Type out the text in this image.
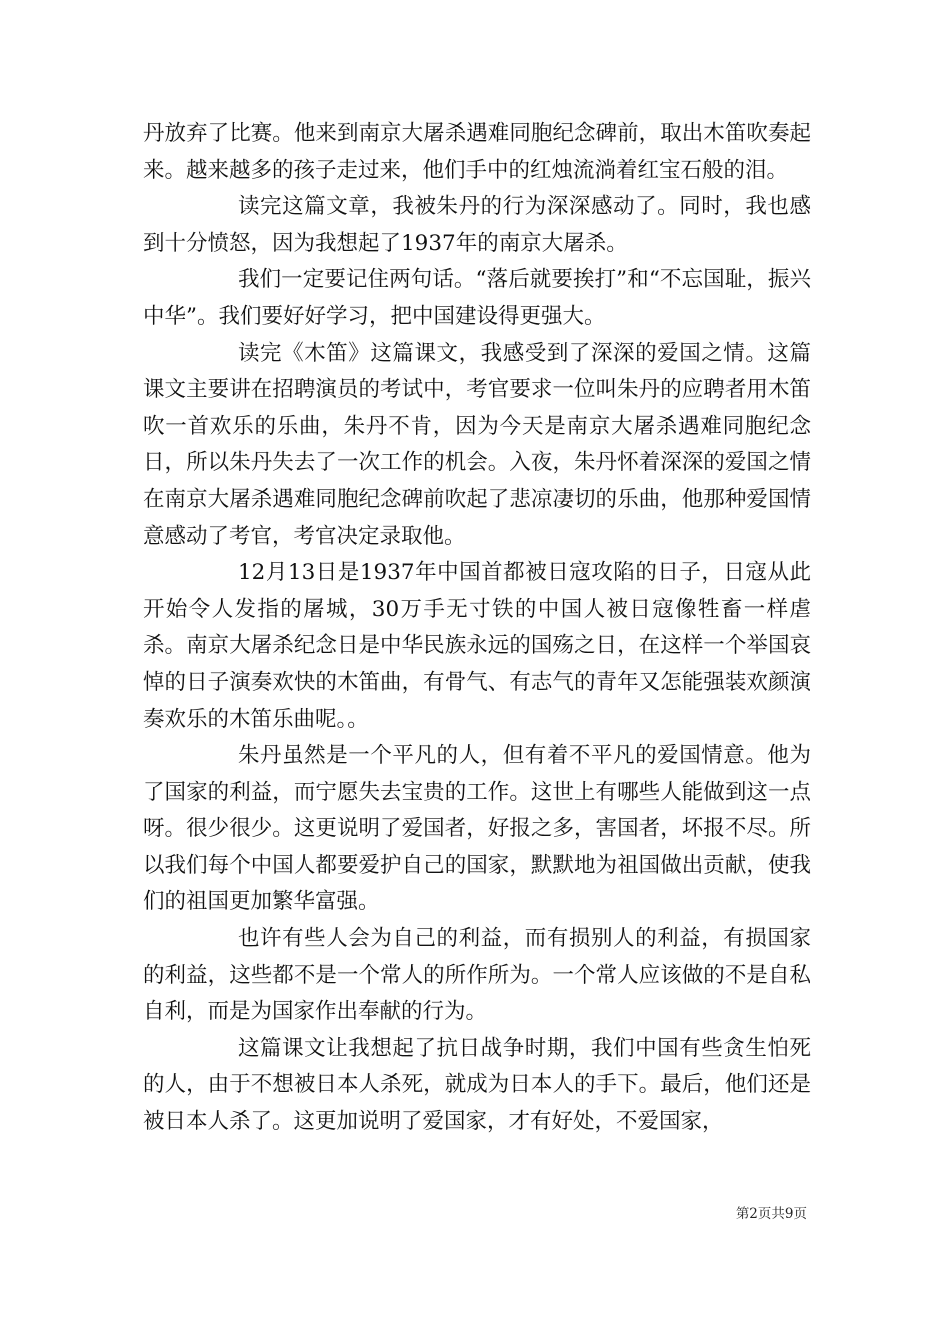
丹放弃了比赛。他来到南京大屠杀遇难同胞纪念碑前，取出木笛吹奏起来。越来越多的孩子走过来，他们手中的红烛流淌着红宝石般的泪。

读完这篇文章，我被朱丹的行为深深感动了。同时，我也感到十分愤怒，因为我想起了1937年的南京大屠杀。

我们一定要记住两句话。“落后就要挨打”和“不忘国耻，振兴中华”。我们要好好学习，把中国建设得更强大。

读完《木笛》这篇课文，我感受到了深深的爱国之情。这篇课文主要讲在招聘演员的考试中，考官要求一位叫朱丹的应聘者用木笛吹一首欢乐的乐曲，朱丹不肯，因为今天是南京大屠杀遇难同胞纪念日，所以朱丹失去了一次工作的机会。入夜，朱丹怀着深深的爱国之情在南京大屠杀遇难同胞纪念碑前吹起了悲凉凄切的乐曲，他那种爱国情意感动了考官，考官决定录取他。

12月13日是1937年中国首都被日寇攻陷的日子，日寇从此开始令人发指的屠城，30万手无寸铁的中国人被日寇像牲畜一样虐杀。南京大屠杀纪念日是中华民族永远的国殇之日，在这样一个举国哀悼的日子演奏欢快的木笛曲，有骨气、有志气的青年又怎能强装欢颜演奏欢乐的木笛乐曲呢。。

朱丹虽然是一个平凡的人，但有着不平凡的爱国情意。他为了国家的利益，而宁愿失去宝贵的工作。这世上有哪些人能做到这一点呀。很少很少。这更说明了爱国者，好报之多，害国者，坏报不尽。所以我们每个中国人都要爱护自己的国家，默默地为祖国做出贡献，使我们的祖国更加繁华富强。

也许有些人会为自己的利益，而有损别人的利益，有损国家的利益，这些都不是一个常人的所作所为。一个常人应该做的不是自私自利，而是为国家作出奉献的行为。

这篇课文让我想起了抗日战争时期，我们中国有些贪生怕死的人，由于不想被日本人杀死，就成为日本人的手下。最后，他们还是被日本人杀了。这更加说明了爱国家，才有好处，不爱国家，

第2页共9页
